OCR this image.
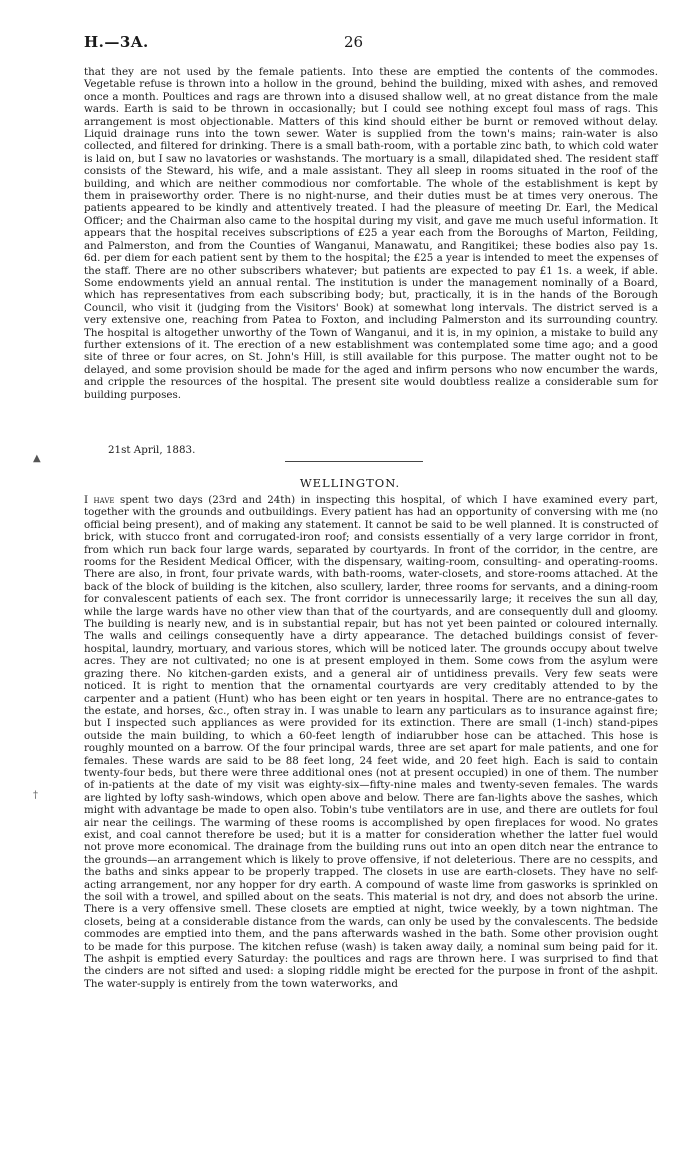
H.—3A.	26
▲
†

that they are not used by the female patients. Into these are emptied the contents of the commodes. Vegetable refuse is thrown into a hollow in the ground, behind the building, mixed with ashes, and removed once a month. Poultices and rags are thrown into a disused shallow well, at no great distance from the male wards. Earth is said to be thrown in occasionally; but I could see nothing except foul mass of rags. This arrangement is most objectionable. Matters of this kind should either be burnt or removed without delay. Liquid drainage runs into the town sewer. Water is supplied from the town's mains; rain-water is also collected, and filtered for drinking. There is a small bath-room, with a portable zinc bath, to which cold water is laid on, but I saw no lavatories or washstands. The mortuary is a small, dilapidated shed. The resident staff consists of the Steward, his wife, and a male assistant. They all sleep in rooms situated in the roof of the building, and which are neither commodious nor comfortable. The whole of the establishment is kept by them in praiseworthy order. There is no night-nurse, and their duties must be at times very onerous. The patients appeared to be kindly and attentively treated. I had the pleasure of meeting Dr. Earl, the Medical Officer; and the Chairman also came to the hospital during my visit, and gave me much useful information. It appears that the hospital receives subscriptions of £25 a year each from the Boroughs of Marton, Feilding, and Palmerston, and from the Counties of Wanganui, Manawatu, and Rangitikei; these bodies also pay 1s. 6d. per diem for each patient sent by them to the hospital; the £25 a year is intended to meet the expenses of the staff. There are no other subscribers whatever; but patients are expected to pay £1 1s. a week, if able. Some endowments yield an annual rental. The institution is under the management nominally of a Board, which has representatives from each subscribing body; but, practically, it is in the hands of the Borough Council, who visit it (judging from the Visitors' Book) at somewhat long intervals. The district served is a very extensive one, reaching from Patea to Foxton, and including Palmerston and its surrounding country. The hospital is altogether unworthy of the Town of Wanganui, and it is, in my opinion, a mistake to build any further extensions of it. The erection of a new establishment was contemplated some time ago; and a good site of three or four acres, on St. John's Hill, is still available for this purpose. The matter ought not to be delayed, and some provision should be made for the aged and infirm persons who now encumber the wards, and cripple the resources of the hospital. The present site would doubtless realize a considerable sum for building purposes.

21st April, 1883.
WELLINGTON.

I have spent two days (23rd and 24th) in inspecting this hospital, of which I have examined every part, together with the grounds and outbuildings. Every patient has had an opportunity of conversing with me (no official being present), and of making any statement. It cannot be said to be well planned. It is constructed of brick, with stucco front and corrugated-iron roof; and consists essentially of a very large corridor in front, from which run back four large wards, separated by courtyards. In front of the corridor, in the centre, are rooms for the Resident Medical Officer, with the dispensary, waiting-room, consulting- and operating-rooms. There are also, in front, four private wards, with bath-rooms, water-closets, and store-rooms attached. At the back of the block of building is the kitchen, also scullery, larder, three rooms for servants, and a dining-room for convalescent patients of each sex. The front corridor is unnecessarily large; it receives the sun all day, while the large wards have no other view than that of the courtyards, and are consequently dull and gloomy. The building is nearly new, and is in substantial repair, but has not yet been painted or coloured internally. The walls and ceilings consequently have a dirty appearance. The detached buildings consist of fever-hospital, laundry, mortuary, and various stores, which will be noticed later. The grounds occupy about twelve acres. They are not cultivated; no one is at present employed in them. Some cows from the asylum were grazing there. No kitchen-garden exists, and a general air of untidiness prevails. Very few seats were noticed. It is right to mention that the ornamental courtyards are very creditably attended to by the carpenter and a patient (Hunt) who has been eight or ten years in hospital. There are no entrance-gates to the estate, and horses, &c., often stray in. I was unable to learn any particulars as to insurance against fire; but I inspected such appliances as were provided for its extinction. There are small (1-inch) stand-pipes outside the main building, to which a 60-feet length of indiarubber hose can be attached. This hose is roughly mounted on a barrow. Of the four principal wards, three are set apart for male patients, and one for females. These wards are said to be 88 feet long, 24 feet wide, and 20 feet high. Each is said to contain twenty-four beds, but there were three additional ones (not at present occupied) in one of them. The number of in-patients at the date of my visit was eighty-six—fifty-nine males and twenty-seven females. The wards are lighted by lofty sash-windows, which open above and below. There are fan-lights above the sashes, which might with advantage be made to open also. Tobin's tube ventilators are in use, and there are outlets for foul air near the ceilings. The warming of these rooms is accomplished by open fireplaces for wood. No grates exist, and coal cannot therefore be used; but it is a matter for consideration whether the latter fuel would not prove more economical. The drainage from the building runs out into an open ditch near the entrance to the grounds—an arrangement which is likely to prove offensive, if not deleterious. There are no cesspits, and the baths and sinks appear to be properly trapped. The closets in use are earth-closets. They have no self-acting arrangement, nor any hopper for dry earth. A compound of waste lime from gasworks is sprinkled on the soil with a trowel, and spilled about on the seats. This material is not dry, and does not absorb the urine. There is a very offensive smell. These closets are emptied at night, twice weekly, by a town nightman. The closets, being at a considerable distance from the wards, can only be used by the convalescents. The bedside commodes are emptied into them, and the pans afterwards washed in the bath. Some other provision ought to be made for this purpose. The kitchen refuse (wash) is taken away daily, a nominal sum being paid for it. The ashpit is emptied every Saturday: the poultices and rags are thrown here. I was surprised to find that the cinders are not sifted and used: a sloping riddle might be erected for the purpose in front of the ashpit. The water-supply is entirely from the town waterworks, and
